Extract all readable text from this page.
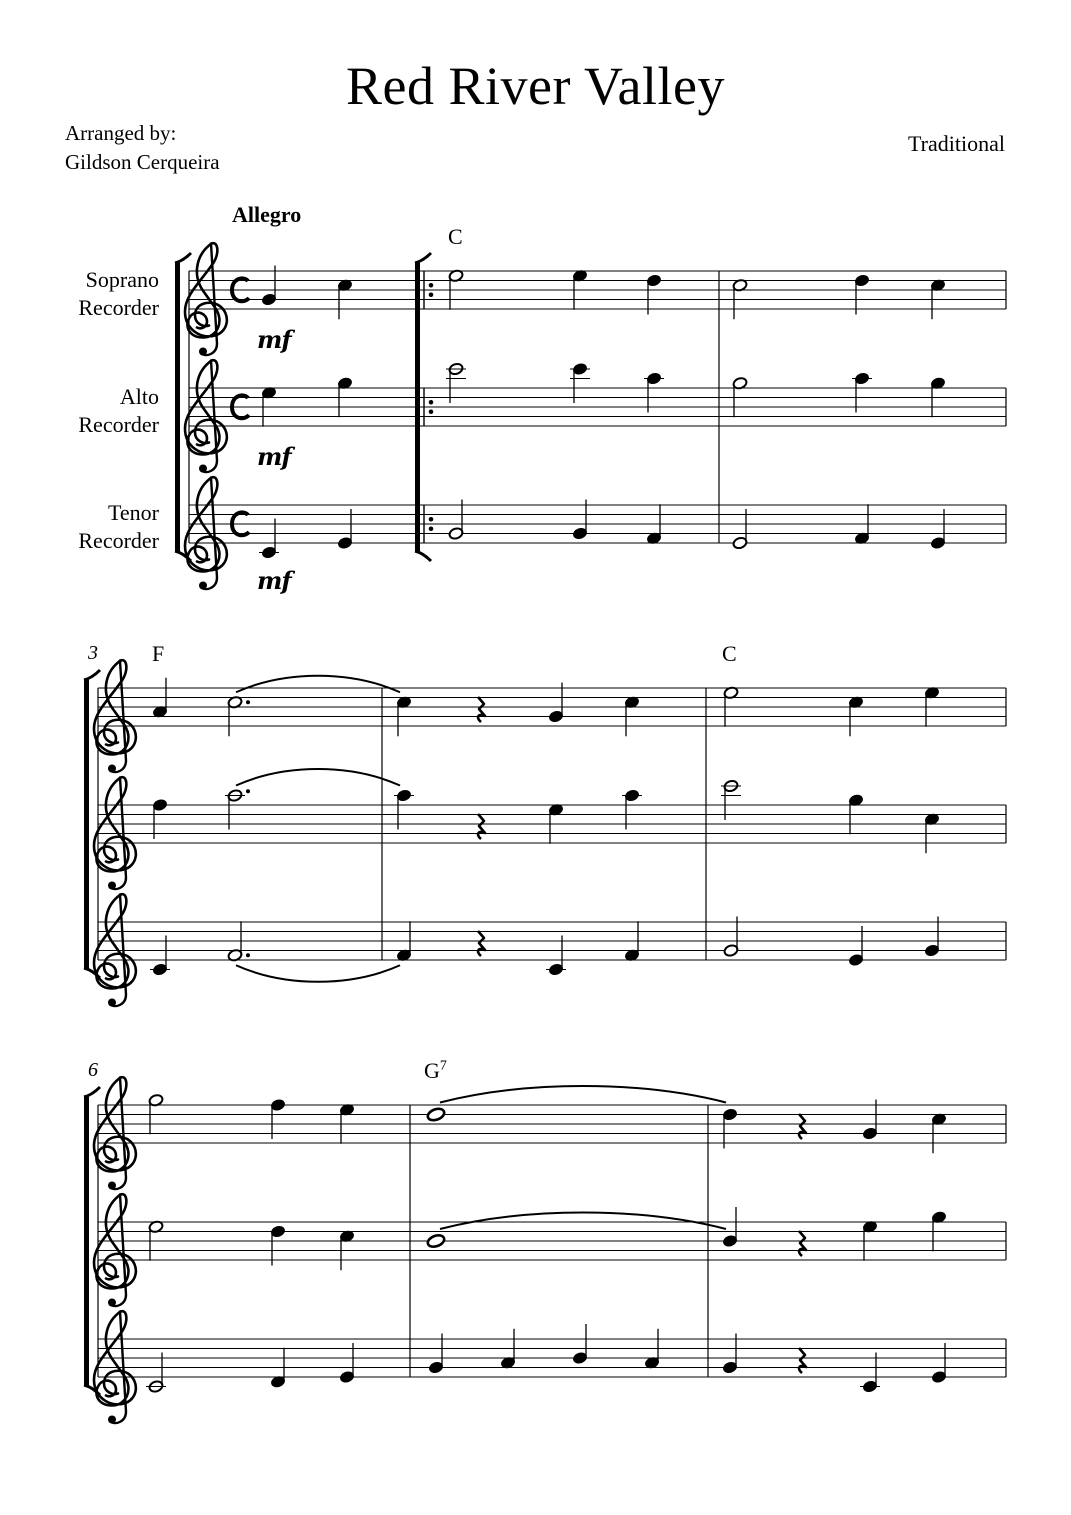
Red River Valley
Arranged by:
Gildson Cerqueira
Traditional
Allegro
Soprano
Recorder
Alto
Recorder
Tenor
Recorder
C
F	C
$G^7$
3
6
mf
mf
mf
